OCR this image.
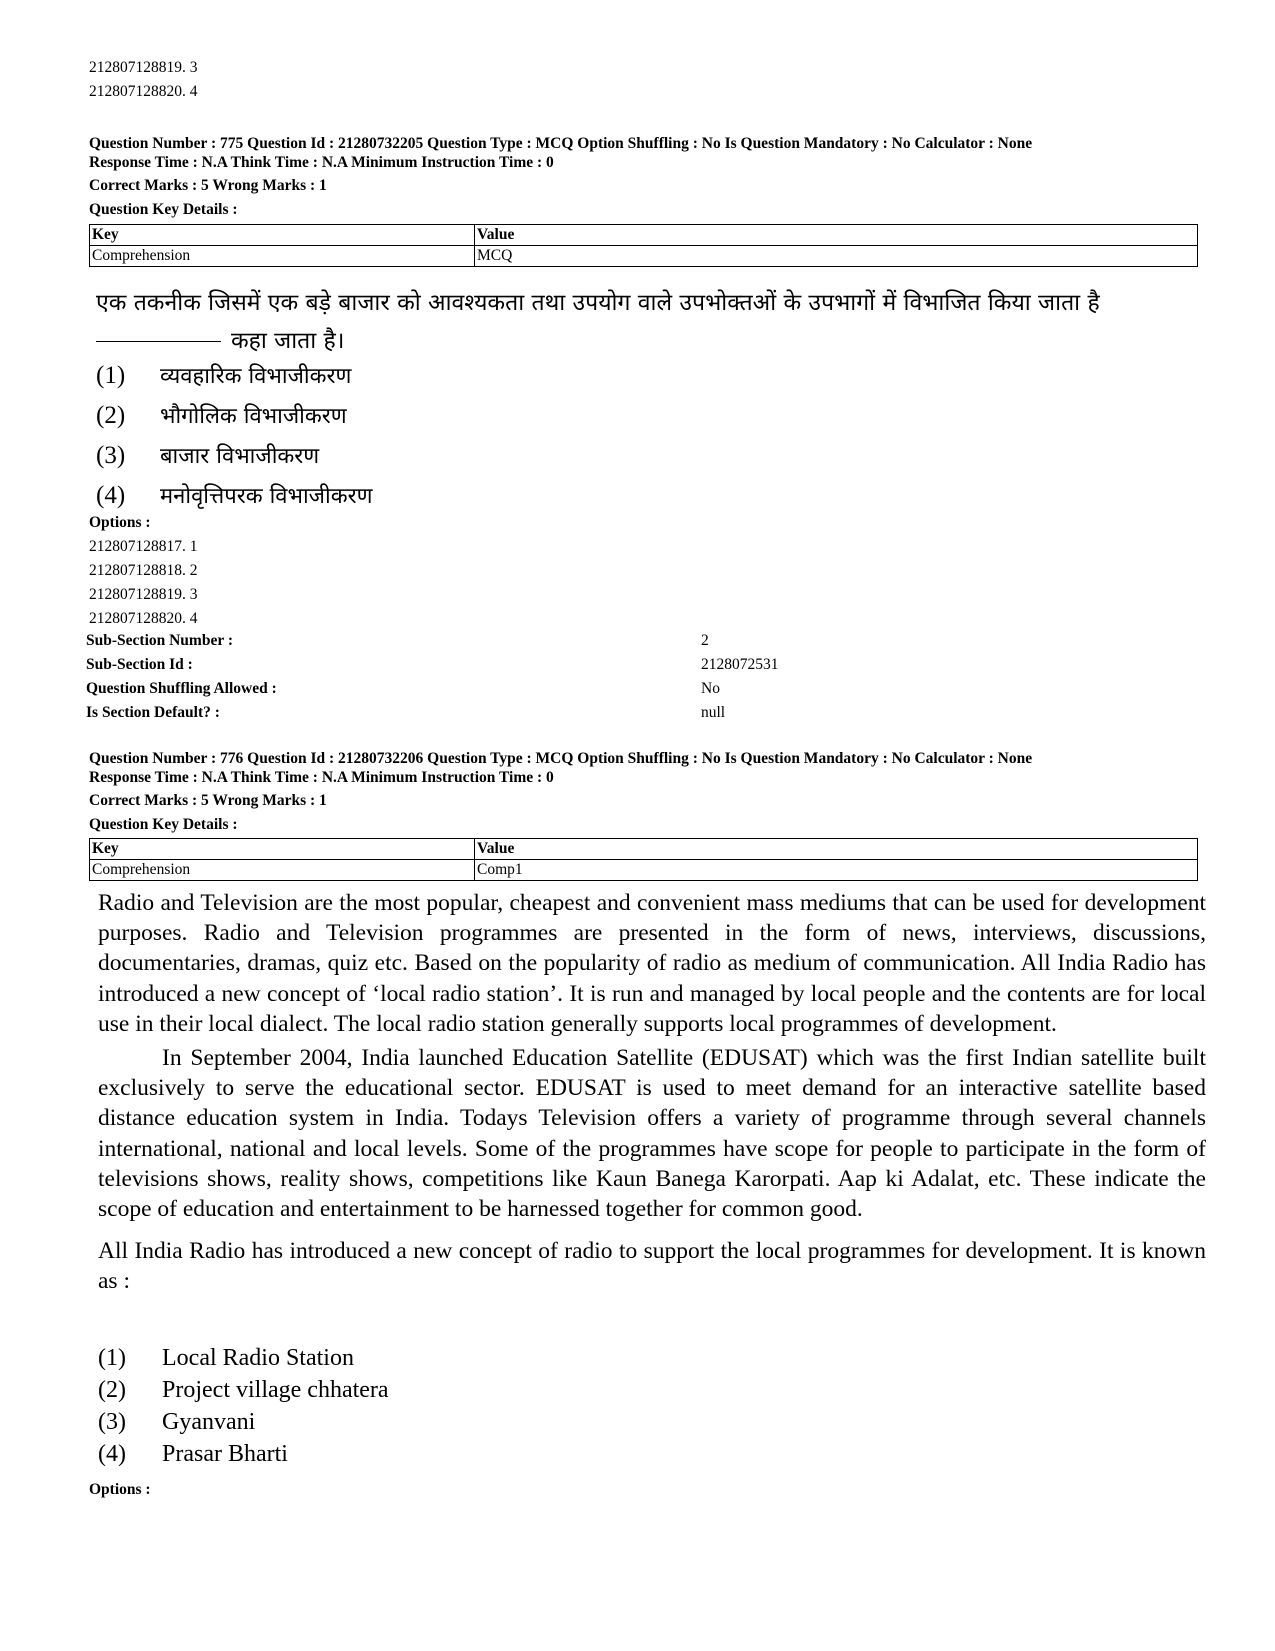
212807128819. 3
212807128820. 4
Question Number : 775 Question Id : 21280732205 Question Type : MCQ Option Shuffling : No Is Question Mandatory : No Calculator : None
Response Time : N.A Think Time : N.A Minimum Instruction Time : 0
Correct Marks : 5 Wrong Marks : 1
Question Key Details :
Key	Value
Comprehension	MCQ
एक तकनीक जिसमें एक बड़े बाजार को आवश्यकता तथा उपयोग वाले उपभोक्तओं के उपभागों में विभाजित किया जाता है
कहा जाता है।
(1) व्यवहारिक विभाजीकरण
(2) भौगोलिक विभाजीकरण
(3) बाजार विभाजीकरण
(4) मनोवृत्तिपरक विभाजीकरण
Options :
212807128817. 1
212807128818. 2
212807128819. 3
212807128820. 4
Sub-Section Number :	2
Sub-Section Id :	2128072531
Question Shuffling Allowed :	No
Is Section Default? :	null
Question Number : 776 Question Id : 21280732206 Question Type : MCQ Option Shuffling : No Is Question Mandatory : No Calculator : None
Response Time : N.A Think Time : N.A Minimum Instruction Time : 0
Correct Marks : 5 Wrong Marks : 1
Question Key Details :
Key	Value
Comprehension	Comp1

Radio and Television are the most popular, cheapest and convenient mass mediums that can be used for development purposes. Radio and Television programmes are presented in the form of news, interviews, discussions, documentaries, dramas, quiz etc. Based on the popularity of radio as medium of communication. All India Radio has introduced a new concept of ‘local radio station’. It is run and managed by local people and the contents are for local use in their local dialect. The local radio station generally supports local programmes of development.

In September 2004, India launched Education Satellite (EDUSAT) which was the first Indian satellite built exclusively to serve the educational sector. EDUSAT is used to meet demand for an interactive satellite based distance education system in India. Todays Television offers a variety of programme through several channels international, national and local levels. Some of the programmes have scope for people to participate in the form of televisions shows, reality shows, competitions like Kaun Banega Karorpati. Aap ki Adalat, etc. These indicate the scope of education and entertainment to be harnessed together for common good.

All India Radio has introduced a new concept of radio to support the local programmes for development. It is known as :

(1) Local Radio Station
(2) Project village chhatera
(3) Gyanvani
(4) Prasar Bharti
Options :
